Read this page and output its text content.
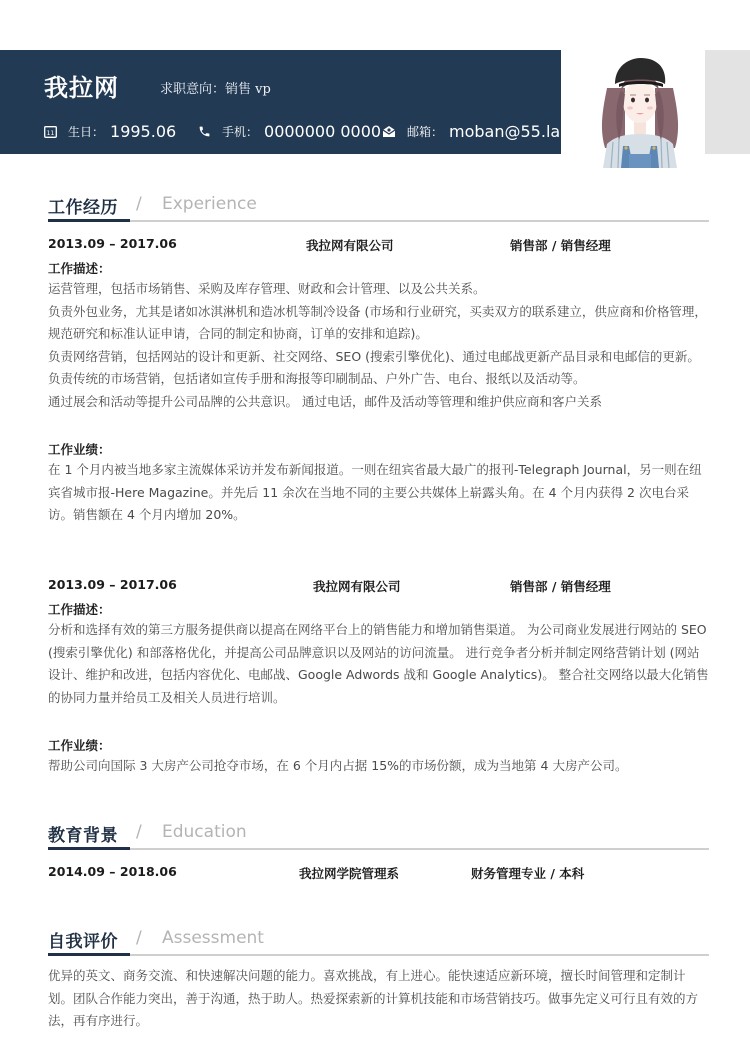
我拉网	求职意向：销售 vp
11 生日： 1995.06	手机： 0000000 0000 邮箱： moban@55.la
工作经历 / Experience
2013.09 – 2017.06	我拉网有限公司	销售部 / 销售经理
工作描述：

运营管理，包括市场销售、采购及库存管理、财政和会计管理、以及公共关系。

负责外包业务，尤其是诸如冰淇淋机和造冰机等制冷设备 (市场和行业研究，买卖双方的联系建立，供应商和价格管理，规范研究和标准认证申请，合同的制定和协商，订单的安排和追踪)。

负责网络营销，包括网站的设计和更新、社交网络、SEO (搜索引擎优化)、通过电邮战更新产品目录和电邮信的更新。负责传统的市场营销，包括诸如宣传手册和海报等印刷制品、户外广告、电台、报纸以及活动等。

通过展会和活动等提升公司品牌的公共意识。 通过电话，邮件及活动等管理和维护供应商和客户关系

工作业绩：

在 1 个月内被当地多家主流媒体采访并发布新闻报道。一则在纽宾省最大最广的报刊-Telegraph Journal，另一则在纽宾省城市报-Here Magazine。并先后 11 余次在当地不同的主要公共媒体上崭露头角。在 4 个月内获得 2 次电台采访。销售额在 4 个月内增加 20%。

2013.09 – 2017.06	我拉网有限公司	销售部 / 销售经理
工作描述：

分析和选择有效的第三方服务提供商以提高在网络平台上的销售能力和增加销售渠道。 为公司商业发展进行网站的 SEO (搜索引擎优化) 和部落格优化，并提高公司品牌意识以及网站的访问流量。 进行竞争者分析并制定网络营销计划 (网站设计、维护和改进，包括内容优化、电邮战、Google Adwords 战和 Google Analytics)。 整合社交网络以最大化销售的协同力量并给员工及相关人员进行培训。

工作业绩：

帮助公司向国际 3 大房产公司抢夺市场，在 6 个月内占据 15%的市场份额，成为当地第 4 大房产公司。

教育背景 / Education
2014.09 – 2018.06	我拉网学院管理系	财务管理专业 / 本科
自我评价 / Assessment

优异的英文、商务交流、和快速解决问题的能力。喜欢挑战，有上进心。能快速适应新环境，擅长时间管理和定制计划。团队合作能力突出，善于沟通，热于助人。热爱探索新的计算机技能和市场营销技巧。做事先定义可行且有效的方法，再有序进行。
